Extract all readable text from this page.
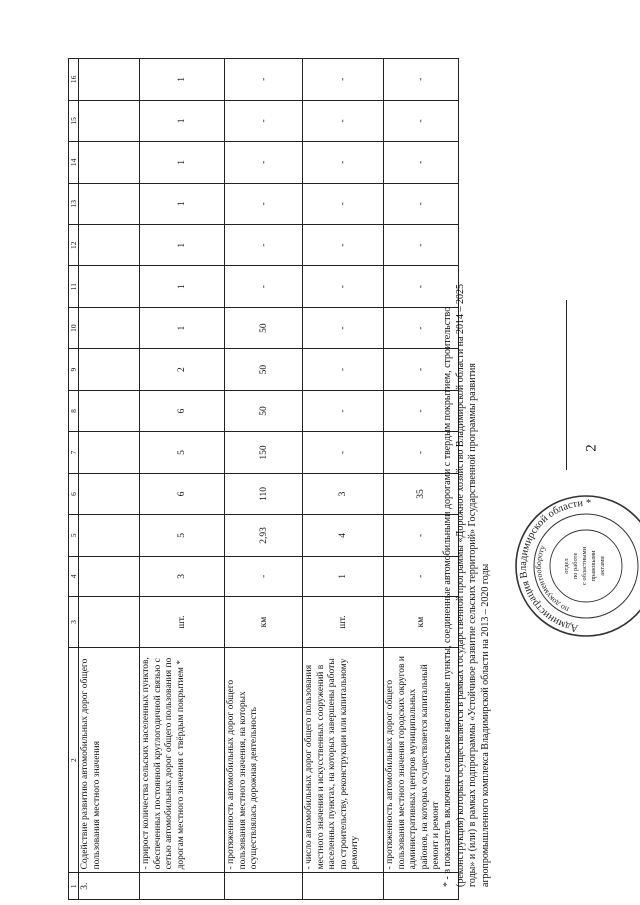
2
1	2	3	4	5	6	7	8	9	10	11	12	13	14	15	16
3.	Содействие развитию автомобильных дорог общего пользования местного значения														
	- прирост количества сельских населенных пунктов, обеспеченных постоянной круглогодичной связью с сетью автомобильных дорог общего пользования по дорогам местного значения с твёрдым покрытием *	шт.	3	5	6	5	6	2	1	1	1	1	1	1	1
	- протяженность автомобильных дорог общего пользования местного значения, на которых осуществлялась дорожная деятельность	км	-	2,93	110	150	50	50	50	-	-	-	-	-	-
	- число автомобильных дорог общего пользования местного значения и искусственных сооружений в населенных пунктах, на которых завершены работы по строительству, реконструкции или капитальному ремонту	шт.	1	4	3	-	-	-	-	-	-	-	-	-	-
	- протяженность автомобильных дорог общего пользования местного значения городских округов и административных центров муниципальных районов, на которых осуществляется капитальный ремонт и ремонт	км	-	-	35	-	-	-	-	-	-	-	-	-	-
* - в показатель включены сельские населенные пункты, соединенные автомобильными дорогами с твердым покрытием, строительство (реконструкция) которых осуществляется в рамках государственной программы «Дорожное хозяйство Владимирской области на 2014 – 2025 годы» и (или) в рамках подпрограммы «Устойчивое развитие сельских территорий» Государственной программы развития агропромышленного комплекса Владимирской области на 2013 – 2020 годы	Администрация Владимирской области *
по документообороту
отдел по работе с областными правовыми актами
